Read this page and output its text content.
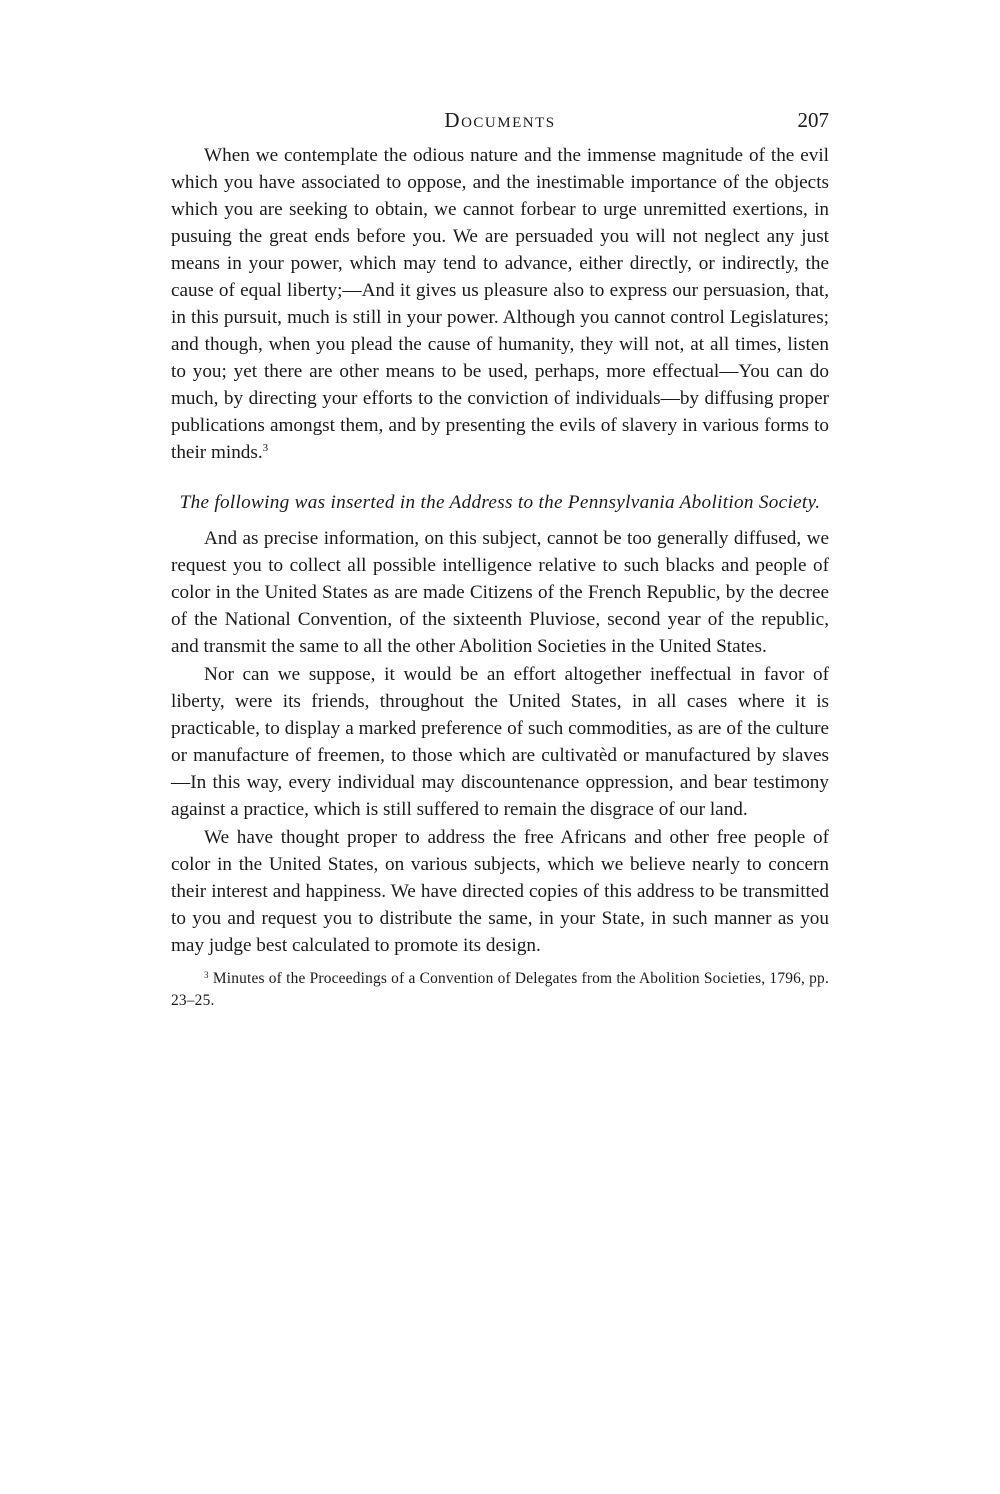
Documents	207

When we contemplate the odious nature and the immense magnitude of the evil which you have associated to oppose, and the inestimable importance of the objects which you are seeking to obtain, we cannot forbear to urge unremitted exertions, in pusuing the great ends before you. We are persuaded you will not neglect any just means in your power, which may tend to advance, either directly, or indirectly, the cause of equal liberty;—And it gives us pleasure also to express our persuasion, that, in this pursuit, much is still in your power. Although you cannot control Legislatures; and though, when you plead the cause of humanity, they will not, at all times, listen to you; yet there are other means to be used, perhaps, more effectual—You can do much, by directing your efforts to the conviction of individuals—by diffusing proper publications amongst them, and by presenting the evils of slavery in various forms to their minds.$^3$

The following was inserted in the Address to the Pennsylvania Abolition Society.

And as precise information, on this subject, cannot be too generally diffused, we request you to collect all possible intelligence relative to such blacks and people of color in the United States as are made Citizens of the French Republic, by the decree of the National Convention, of the sixteenth Pluviose, second year of the republic, and transmit the same to all the other Abolition Societies in the United States.

Nor can we suppose, it would be an effort altogether ineffectual in favor of liberty, were its friends, throughout the United States, in all cases where it is practicable, to display a marked preference of such commodities, as are of the culture or manufacture of freemen, to those which are cultivatèd or manufactured by slaves—In this way, every individual may discountenance oppression, and bear testimony against a practice, which is still suffered to remain the disgrace of our land.

We have thought proper to address the free Africans and other free people of color in the United States, on various subjects, which we believe nearly to concern their interest and happiness. We have directed copies of this address to be transmitted to you and request you to distribute the same, in your State, in such manner as you may judge best calculated to promote its design.

$^3$ Minutes of the Proceedings of a Convention of Delegates from the Abolition Societies, 1796, pp. 23–25.
